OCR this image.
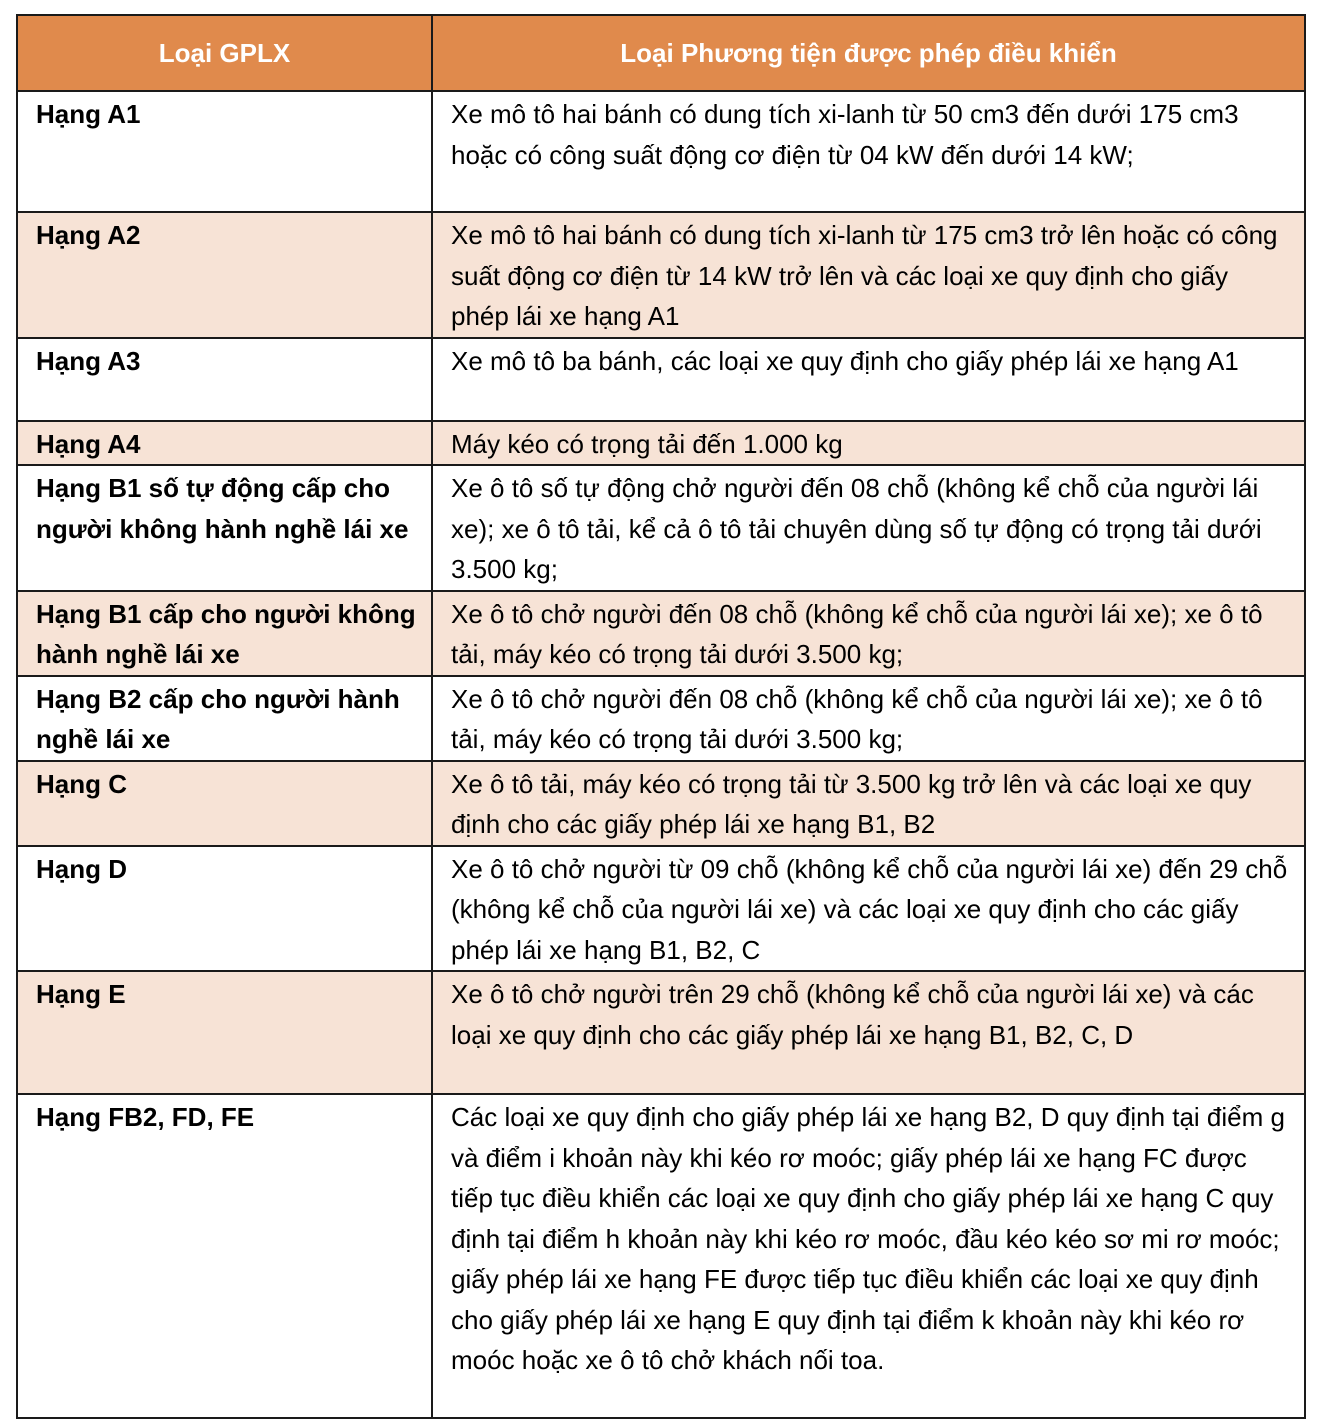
Loại GPLX	Loại Phương tiện được phép điều khiển
Hạng A1	Xe mô tô hai bánh có dung tích xi-lanh từ 50 cm3 đến dưới 175 cm3 hoặc có công suất động cơ điện từ 04 kW đến dưới 14 kW;
Hạng A2	Xe mô tô hai bánh có dung tích xi-lanh từ 175 cm3 trở lên hoặc có công suất động cơ điện từ 14 kW trở lên và các loại xe quy định cho giấy phép lái xe hạng A1
Hạng A3	Xe mô tô ba bánh, các loại xe quy định cho giấy phép lái xe hạng A1
Hạng A4	Máy kéo có trọng tải đến 1.000 kg
Hạng B1 số tự động cấp cho người không hành nghề lái xe	Xe ô tô số tự động chở người đến 08 chỗ (không kể chỗ của người lái xe); xe ô tô tải, kể cả ô tô tải chuyên dùng số tự động có trọng tải dưới 3.500 kg;
Hạng B1 cấp cho người không hành nghề lái xe	Xe ô tô chở người đến 08 chỗ (không kể chỗ của người lái xe); xe ô tô tải, máy kéo có trọng tải dưới 3.500 kg;
Hạng B2 cấp cho người hành nghề lái xe	Xe ô tô chở người đến 08 chỗ (không kể chỗ của người lái xe); xe ô tô tải, máy kéo có trọng tải dưới 3.500 kg;
Hạng C	Xe ô tô tải, máy kéo có trọng tải từ 3.500 kg trở lên và các loại xe quy định cho các giấy phép lái xe hạng B1, B2
Hạng D	Xe ô tô chở người từ 09 chỗ (không kể chỗ của người lái xe) đến 29 chỗ (không kể chỗ của người lái xe) và các loại xe quy định cho các giấy phép lái xe hạng B1, B2, C
Hạng E	Xe ô tô chở người trên 29 chỗ (không kể chỗ của người lái xe) và các loại xe quy định cho các giấy phép lái xe hạng B1, B2, C, D
Hạng FB2, FD, FE	Các loại xe quy định cho giấy phép lái xe hạng B2, D quy định tại điểm g và điểm i khoản này khi kéo rơ moóc; giấy phép lái xe hạng FC được tiếp tục điều khiển các loại xe quy định cho giấy phép lái xe hạng C quy định tại điểm h khoản này khi kéo rơ moóc, đầu kéo kéo sơ mi rơ moóc; giấy phép lái xe hạng FE được tiếp tục điều khiển các loại xe quy định cho giấy phép lái xe hạng E quy định tại điểm k khoản này khi kéo rơ moóc hoặc xe ô tô chở khách nối toa.
